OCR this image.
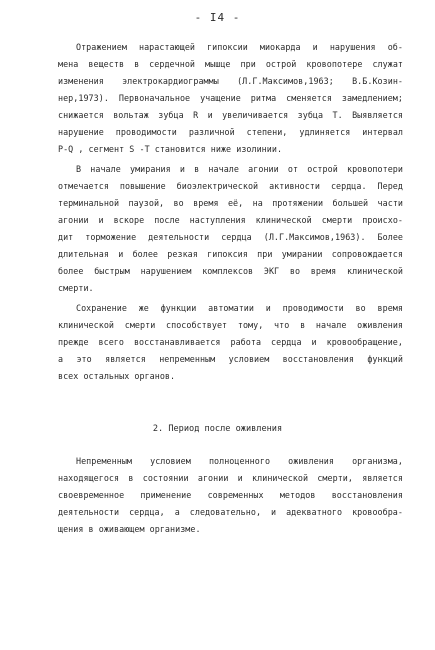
- I4 -
Отражением нарастающей гипоксии миокарда и нарушения об-
мена веществ в сердечной мышце при острой кровопотере служат
изменения электрокардиограммы (Л.Г.Максимов,1963; В.Б.Козин-
нер,1973). Первоначальное учащение ритма сменяется замедлением;
снижается вольтаж зубца R и увеличивается зубца Т. Выявляется
нарушение проводимости различной степени, удлиняется интервал
P-Q , сегмент S -T становится ниже изолинии.
В начале умирания и в начале агонии от острой кровопотери
отмечается повышение биоэлектрической активности сердца. Перед
терминальной паузой, во время её, на протяжении большей части
агонии и вскоре после наступления клинической смерти происхо-
дит торможение деятельности сердца (Л.Г.Максимов,1963). Более
длительная и более резкая гипоксия при умирании сопровождается
более быстрым нарушением комплексов ЭКГ во время клинической
смерти.
Сохранение же функции автоматии и проводимости во время
клинической смерти способствует тому, что в начале оживления
прежде всего восстанавливается работа сердца и кровообращение,
а это является непременным условием восстановления функций
всех остальных органов.
2. Период после оживления
Непременным условием полноценного оживления организма,
находящегося в состоянии агонии и клинической смерти, является
своевременное применение современных методов восстановления
деятельности сердца, а следовательно, и адекватного кровообра-
щения в оживающем организме.
